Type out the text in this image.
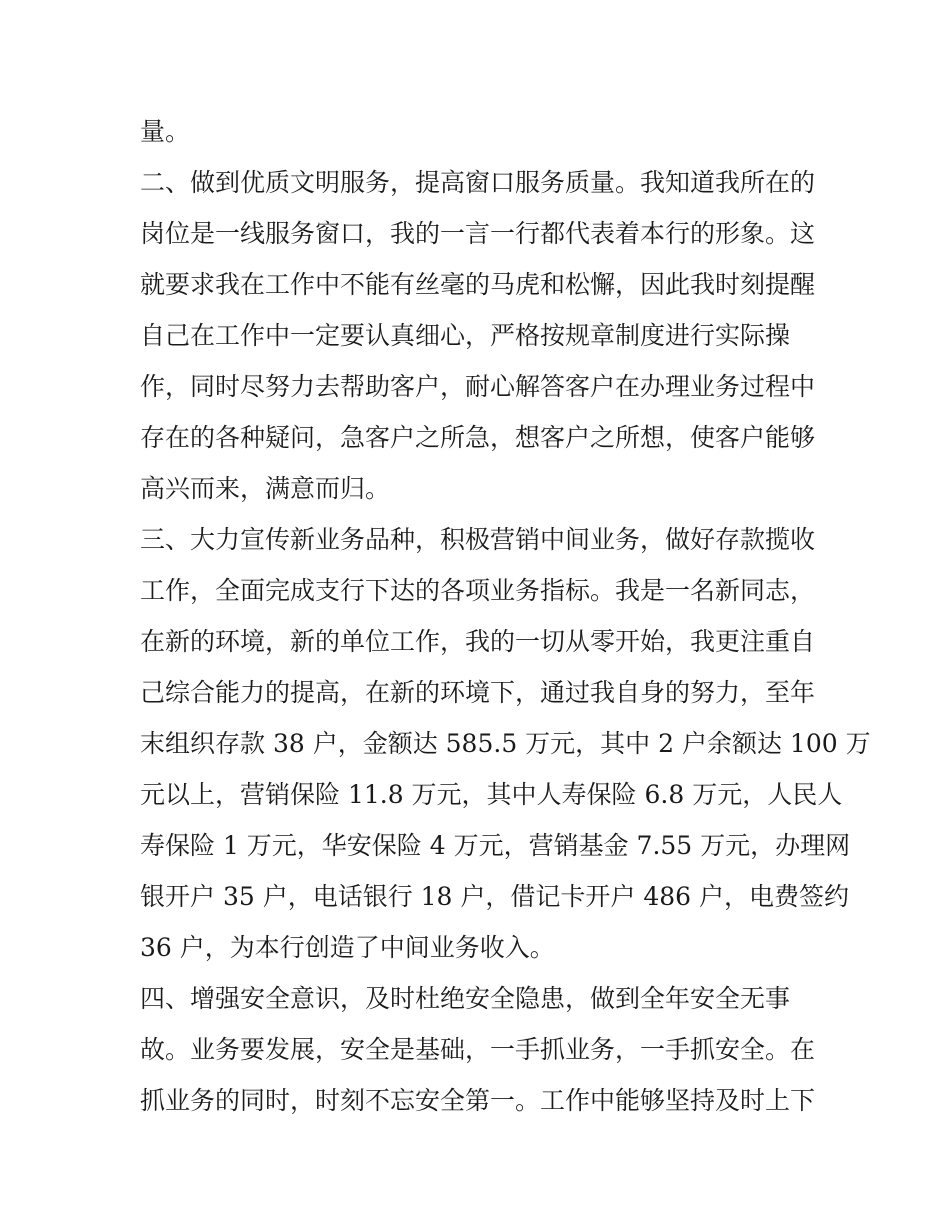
量。
二、做到优质文明服务，提高窗口服务质量。我知道我所在的
岗位是一线服务窗口，我的一言一行都代表着本行的形象。这
就要求我在工作中不能有丝毫的马虎和松懈，因此我时刻提醒
自己在工作中一定要认真细心，严格按规章制度进行实际操
作，同时尽努力去帮助客户，耐心解答客户在办理业务过程中
存在的各种疑问，急客户之所急，想客户之所想，使客户能够
高兴而来，满意而归。
三、大力宣传新业务品种，积极营销中间业务，做好存款揽收
工作，全面完成支行下达的各项业务指标。我是一名新同志，
在新的环境，新的单位工作，我的一切从零开始，我更注重自
己综合能力的提高，在新的环境下，通过我自身的努力，至年
末组织存款 38 户，金额达 585.5 万元，其中 2 户余额达 100 万
元以上，营销保险 11.8 万元，其中人寿保险 6.8 万元，人民人
寿保险 1 万元，华安保险 4 万元，营销基金 7.55 万元，办理网
银开户 35 户，电话银行 18 户，借记卡开户 486 户，电费签约
36 户，为本行创造了中间业务收入。
四、增强安全意识，及时杜绝安全隐患，做到全年安全无事
故。业务要发展，安全是基础，一手抓业务，一手抓安全。在
抓业务的同时，时刻不忘安全第一。工作中能够坚持及时上下
